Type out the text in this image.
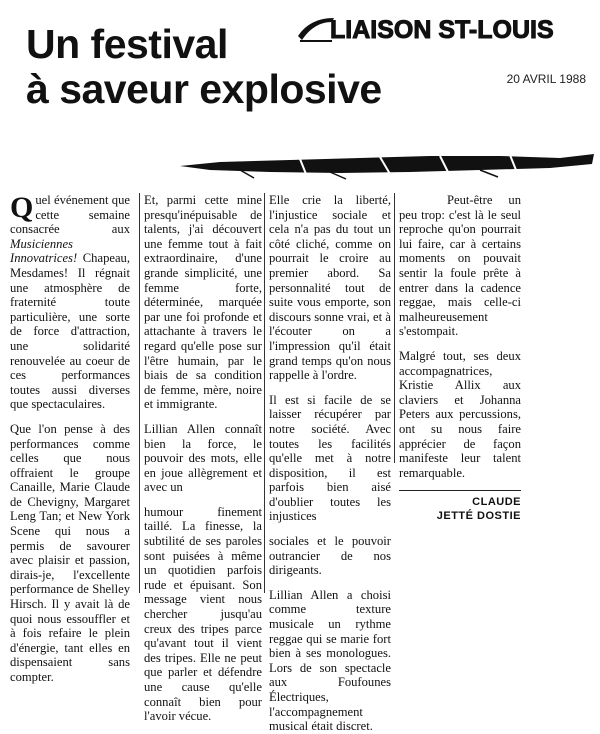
LIAISON ST-LOUIS
Un festival
à saveur explosive	20 AVRIL 1988

Quel événement que cette semaine consacrée aux Musiciennes Innovatrices! Chapeau, Mesdames! Il régnait une atmosphère de fraternité toute particulière, une sorte de force d'attraction, une solidarité renouvelée au coeur de ces performances toutes aussi diverses que spectaculaires.

Que l'on pense à des performances comme celles que nous offraient le groupe Canaille, Marie Claude de Chevigny, Margaret Leng Tan; et New York Scene qui nous a permis de savourer avec plaisir et passion, dirais-je, l'excellente performance de Shelley Hirsch. Il y avait là de quoi nous essouffler et à fois refaire le plein d'énergie, tant elles en dispensaient sans compter.

Et, parmi cette mine presqu'inépuisable de talents, j'ai découvert une femme tout à fait extraordinaire, d'une grande simplicité, une femme forte, déterminée, marquée par une foi profonde et attachante à travers le regard qu'elle pose sur l'être humain, par le biais de sa condition de femme, mère, noire et immigrante.

Lillian Allen connaît bien la force, le pouvoir des mots, elle en joue allègrement et avec un

humour finement taillé. La finesse, la subtilité de ses paroles sont puisées à même un quotidien parfois rude et épuisant. Son message vient nous chercher jusqu'au creux des tripes parce qu'avant tout il vient des tripes. Elle ne peut que parler et défendre une cause qu'elle connaît bien pour l'avoir vécue.

Elle crie la liberté, l'injustice sociale et cela n'a pas du tout un côté cliché, comme on pourrait le croire au premier abord. Sa personnalité tout de suite vous emporte, son discours sonne vrai, et à l'écouter on a l'impression qu'il était grand temps qu'on nous rappelle à l'ordre.

Il est si facile de se laisser récupérer par notre société. Avec toutes les facilités qu'elle met à notre disposition, il est parfois bien aisé d'oublier toutes les injustices

sociales et le pouvoir outrancier de nos dirigeants.

Lillian Allen a choisi comme texture musicale un rythme reggae qui se marie fort bien à ses monologues. Lors de son spectacle aux Foufounes Électriques, l'accompagnement musical était discret.

Peut-être un peu trop: c'est là le seul reproche qu'on pourrait lui faire, car à certains moments on pouvait sentir la foule prête à entrer dans la cadence reggae, mais celle-ci malheureusement s'estompait.

Malgré tout, ses deux accompagnatrices, Kristie Allix aux claviers et Johanna Peters aux percussions, ont su nous faire apprécier de façon manifeste leur talent remarquable.

CLAUDE
JETTÉ DOSTIE
